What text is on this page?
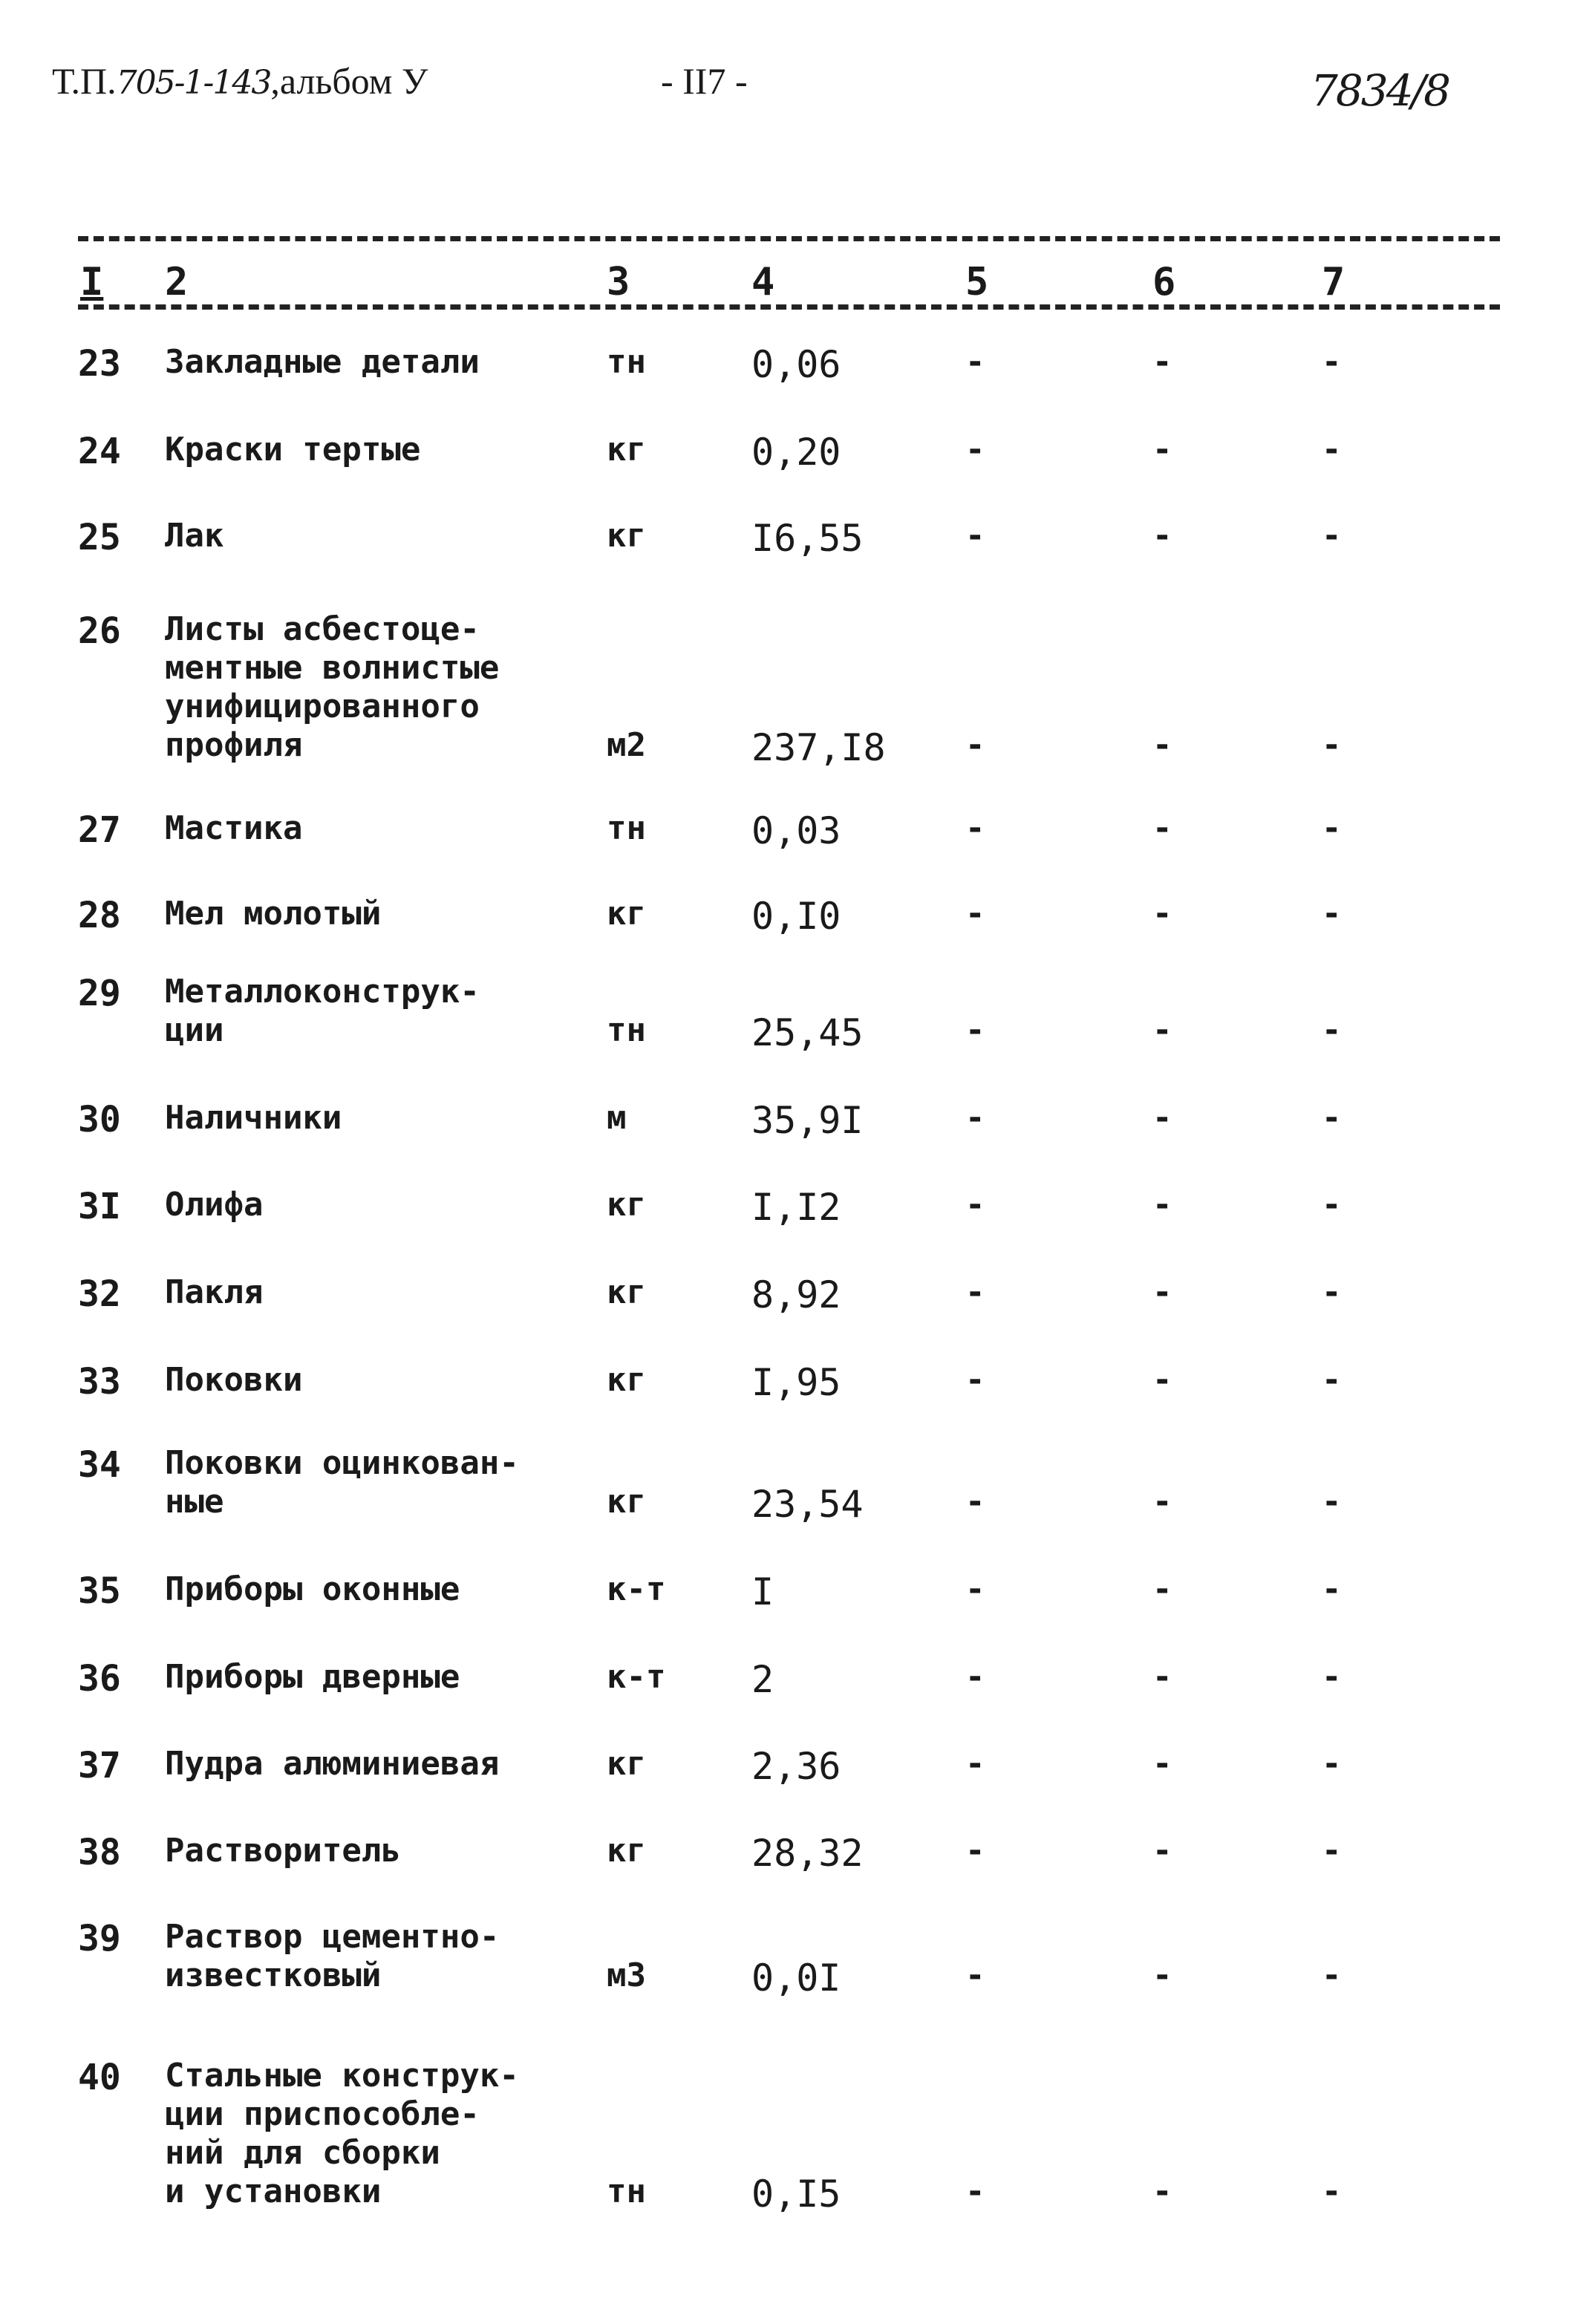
Т.П.705-1-143,альбом У	- II7 -	7834/8
I 2	3	4	5	6	7
23 Закладные детали	тн	0,06	-	-	-
24 Краски тертые	кг	0,20	-	-	-
25 Лак	кг	I6,55	-	-	-
26 Листы асбестоце-
ментные волнистые
унифицированного
профиля	м2	237,I8 -	-	-
27 Мастика	тн	0,03	-	-	-
28 Мел молотый	кг	0,I0	-	-	-
29 Металлоконструк-
ции	тн	25,45	-	-	-
30 Наличники	м	35,9I	-	-	-
3I Олифа	кг	I,I2	-	-	-
32 Пакля	кг	8,92	-	-	-
33 Поковки	кг	I,95	-	-	-
34 Поковки оцинкован-
ные	кг	23,54	-	-	-
35 Приборы оконные	к-т I	-	-	-
36 Приборы дверные	к-т 2	-	-	-
37 Пудра алюминиевая	кг	2,36	-	-	-
38 Растворитель	кг	28,32	-	-	-
39 Раствор цементно-
известковый	м3	0,0I	-	-	-
40 Стальные конструк-
ции приспособле-
ний для сборки
и установки	тн	0,I5	-	-	-
